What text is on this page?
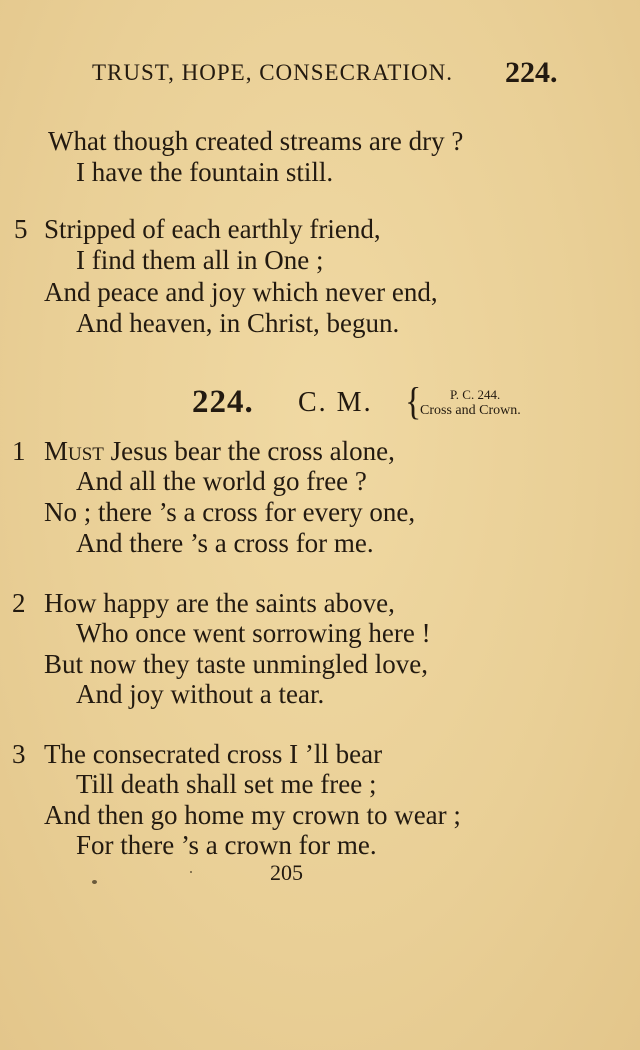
TRUST, HOPE, CONSECRATION. 224.
What though created streams are dry ?
I have the fountain still.
5 Stripped of each earthly friend,
I find them all in One ;
And peace and joy which never end,
And heaven, in Christ, begun.
224. C. M. { P. C. 244.
Cross and Crown.
1 Must Jesus bear the cross alone,
And all the world go free ?
No ; there ’s a cross for every one,
And there ’s a cross for me.
2 How happy are the saints above,
Who once went sorrowing here !
But now they taste unmingled love,
And joy without a tear.
3 The consecrated cross I ’ll bear
Till death shall set me free ;
And then go home my crown to wear ;
For there ’s a crown for me.
205
